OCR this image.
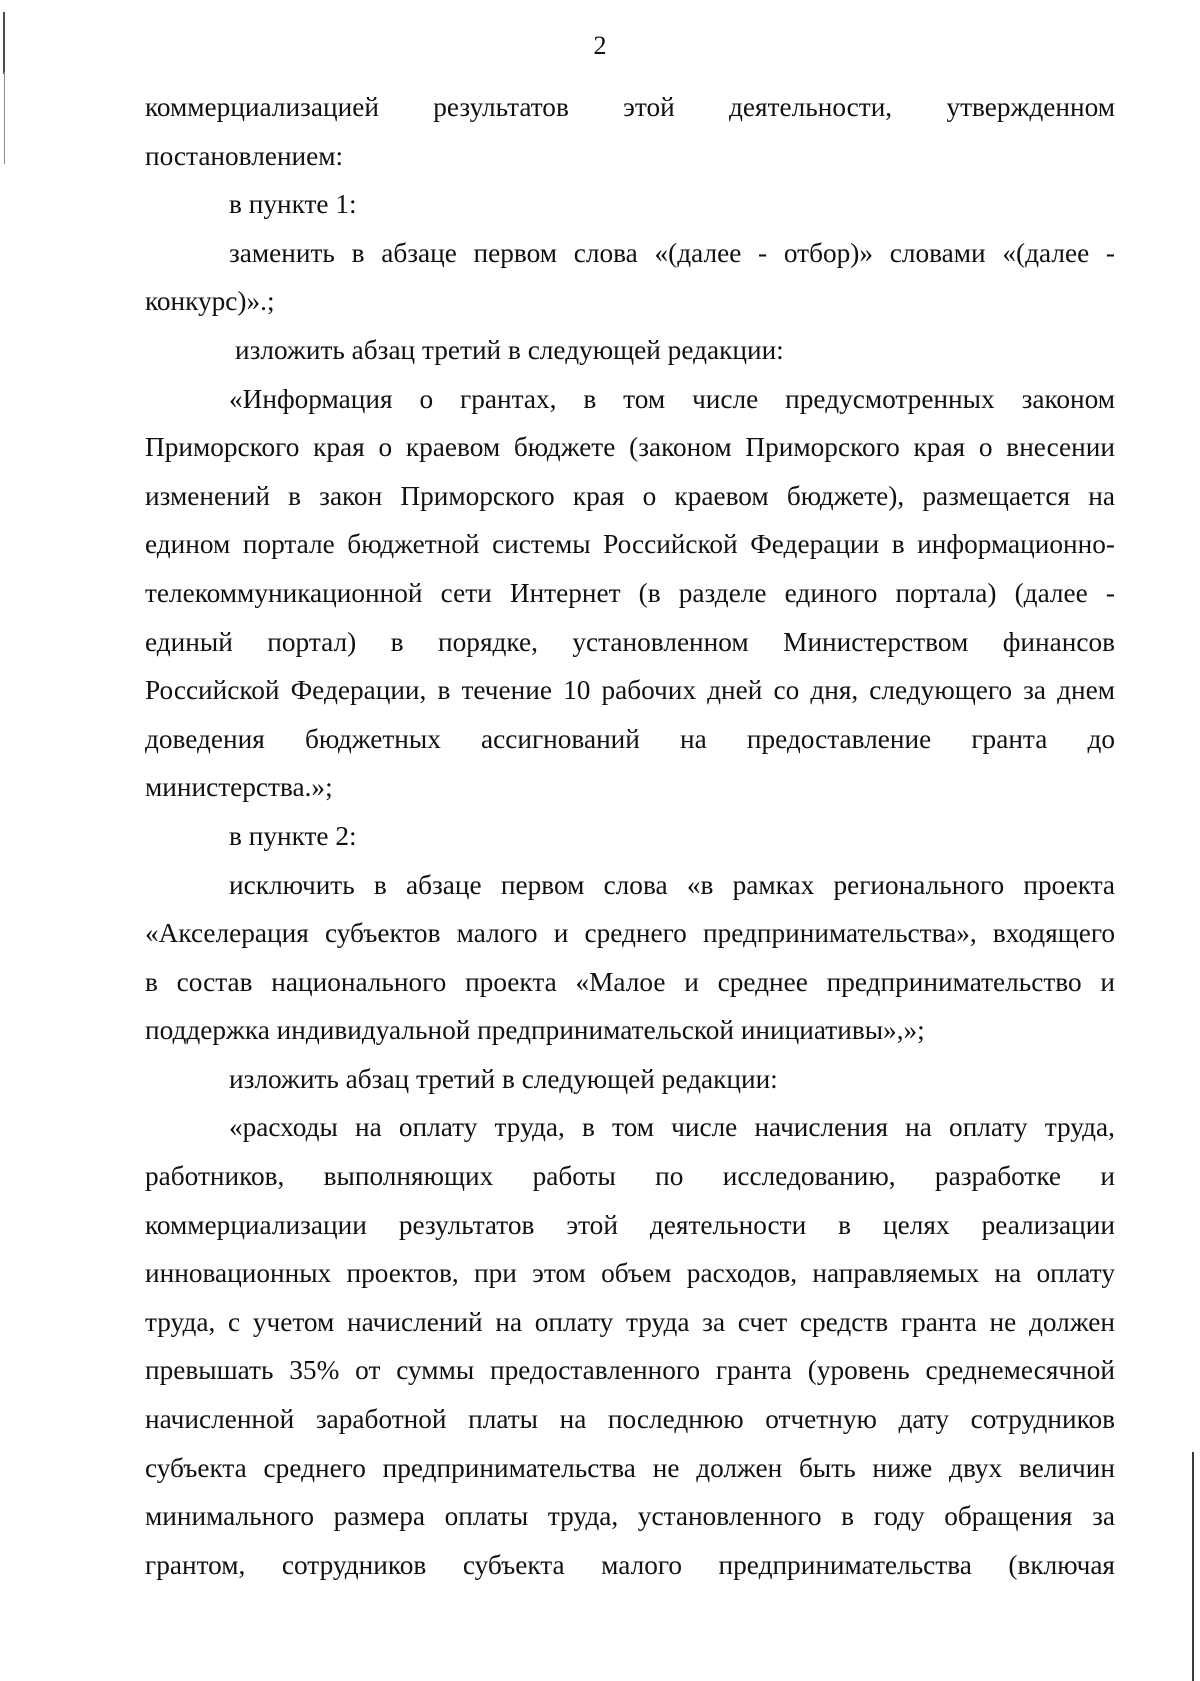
2
коммерциализацией результатов этой деятельности, утвержденном
постановлением:
в пункте 1:
заменить в абзаце первом слова «(далее - отбор)» словами «(далее -
конкурс)».;
изложить абзац третий в следующей редакции:
«Информация о грантах, в том числе предусмотренных законом
Приморского края о краевом бюджете (законом Приморского края о внесении
изменений в закон Приморского края о краевом бюджете), размещается на
едином портале бюджетной системы Российской Федерации в информационно-
телекоммуникационной сети Интернет (в разделе единого портала) (далее -
единый портал) в порядке, установленном Министерством финансов
Российской Федерации, в течение 10 рабочих дней со дня, следующего за днем
доведения бюджетных ассигнований на предоставление гранта до
министерства.»;
в пункте 2:
исключить в абзаце первом слова «в рамках регионального проекта
«Акселерация субъектов малого и среднего предпринимательства», входящего
в состав национального проекта «Малое и среднее предпринимательство и
поддержка индивидуальной предпринимательской инициативы»,»;
изложить абзац третий в следующей редакции:
«расходы на оплату труда, в том числе начисления на оплату труда,
работников, выполняющих работы по исследованию, разработке и
коммерциализации результатов этой деятельности в целях реализации
инновационных проектов, при этом объем расходов, направляемых на оплату
труда, с учетом начислений на оплату труда за счет средств гранта не должен
превышать 35% от суммы предоставленного гранта (уровень среднемесячной
начисленной заработной платы на последнюю отчетную дату сотрудников
субъекта среднего предпринимательства не должен быть ниже двух величин
минимального размера оплаты труда, установленного в году обращения за
грантом, сотрудников субъекта малого предпринимательства (включая
